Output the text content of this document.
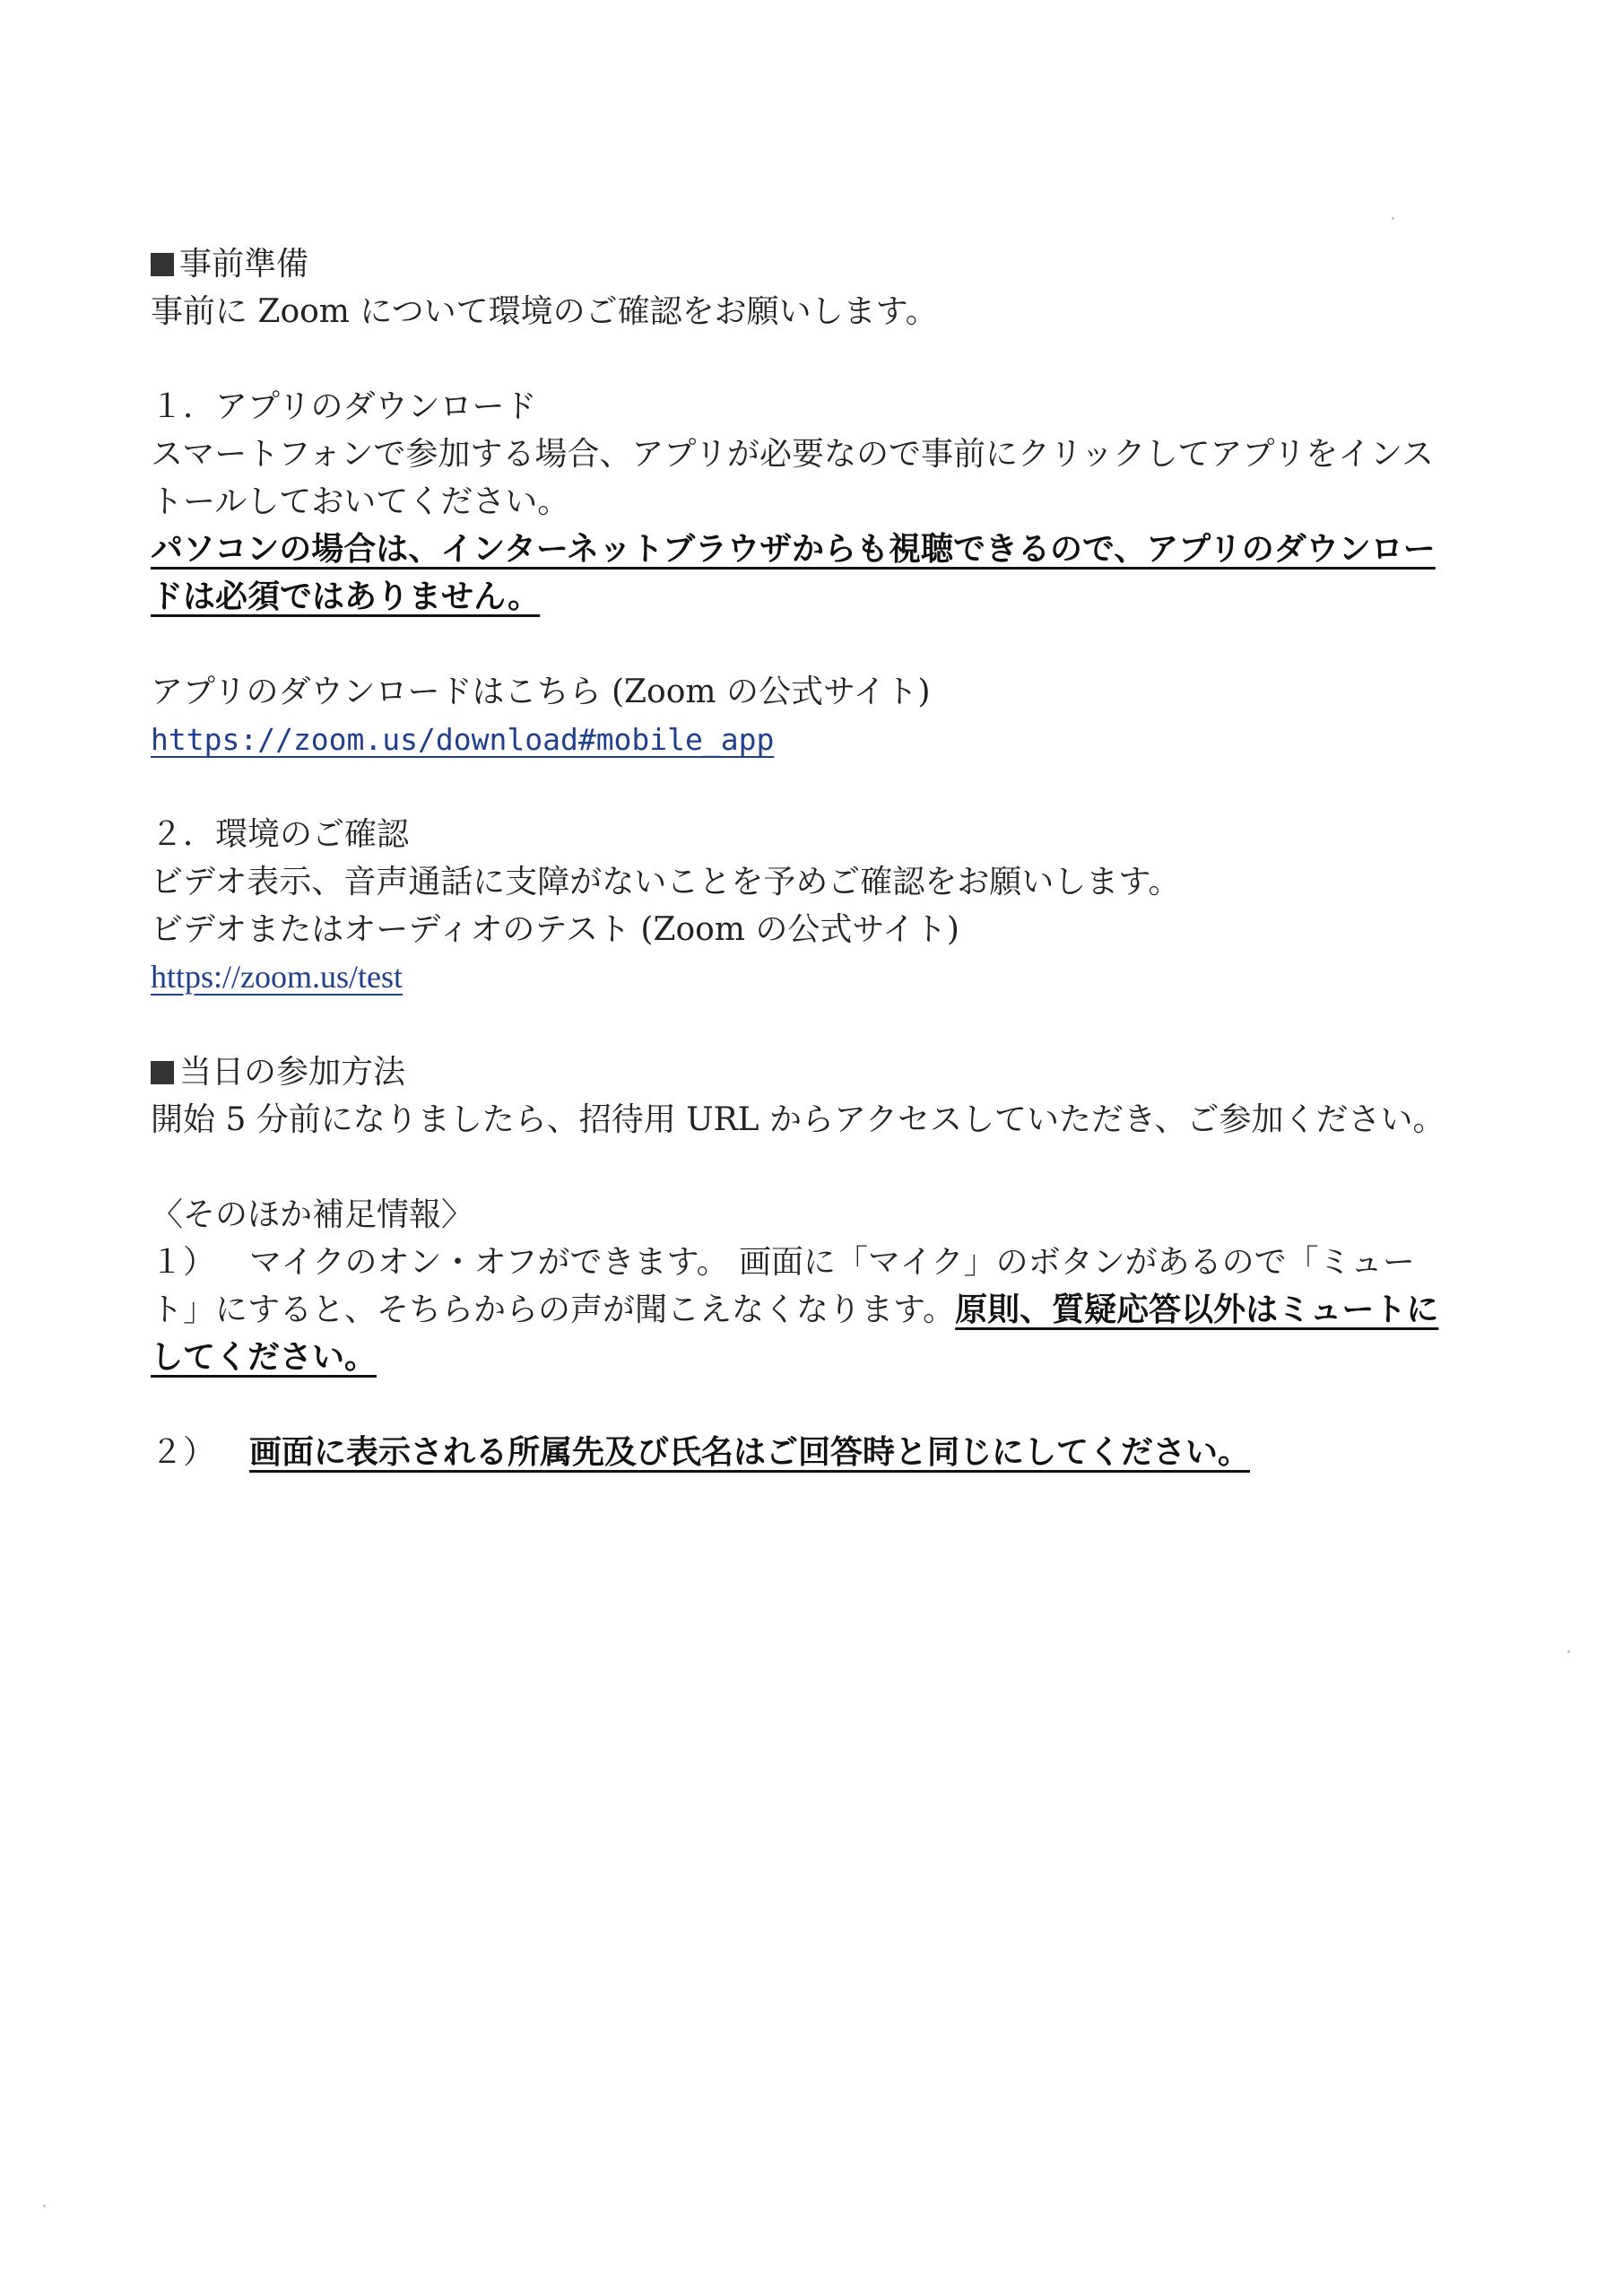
事前準備
事前に Zoom について環境のご確認をお願いします。
１．アプリのダウンロード
スマートフォンで参加する場合、アプリが必要なので事前にクリックしてアプリをインス
トールしておいてください。
パソコンの場合は、インターネットブラウザからも視聴できるので、アプリのダウンロー
ドは必須ではありません。
アプリのダウンロードはこちら (Zoom の公式サイト)
https://zoom.us/download#mobile_app
２．環境のご確認
ビデオ表示、音声通話に支障がないことを予めご確認をお願いします。
ビデオまたはオーディオのテスト (Zoom の公式サイト)
https://zoom.us/test
当日の参加方法
開始 5 分前になりましたら、招待用 URL からアクセスしていただき、ご参加ください。
〈そのほか補足情報〉
１） マイクのオン・オフができます。 画面に「マイク」のボタンがあるので「ミュー
ト」にすると、そちらからの声が聞こえなくなります。原則、質疑応答以外はミュートに
してください。
２） 画面に表示される所属先及び氏名はご回答時と同じにしてください。
